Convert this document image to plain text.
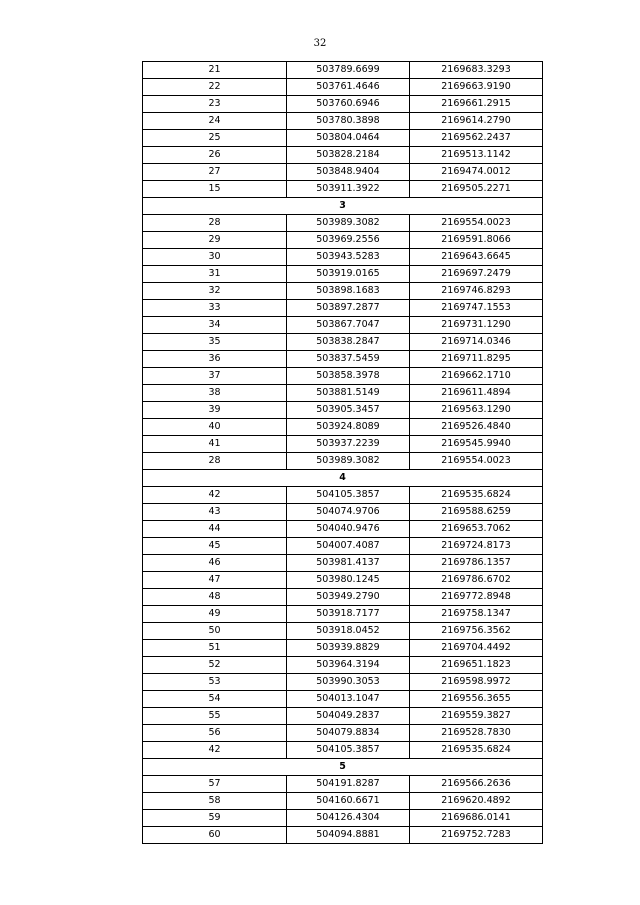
32
21	503789.6699	2169683.3293
22	503761.4646	2169663.9190
23	503760.6946	2169661.2915
24	503780.3898	2169614.2790
25	503804.0464	2169562.2437
26	503828.2184	2169513.1142
27	503848.9404	2169474.0012
15	503911.3922	2169505.2271
3		
28	503989.3082	2169554.0023
29	503969.2556	2169591.8066
30	503943.5283	2169643.6645
31	503919.0165	2169697.2479
32	503898.1683	2169746.8293
33	503897.2877	2169747.1553
34	503867.7047	2169731.1290
35	503838.2847	2169714.0346
36	503837.5459	2169711.8295
37	503858.3978	2169662.1710
38	503881.5149	2169611.4894
39	503905.3457	2169563.1290
40	503924.8089	2169526.4840
41	503937.2239	2169545.9940
28	503989.3082	2169554.0023
4		
42	504105.3857	2169535.6824
43	504074.9706	2169588.6259
44	504040.9476	2169653.7062
45	504007.4087	2169724.8173
46	503981.4137	2169786.1357
47	503980.1245	2169786.6702
48	503949.2790	2169772.8948
49	503918.7177	2169758.1347
50	503918.0452	2169756.3562
51	503939.8829	2169704.4492
52	503964.3194	2169651.1823
53	503990.3053	2169598.9972
54	504013.1047	2169556.3655
55	504049.2837	2169559.3827
56	504079.8834	2169528.7830
42	504105.3857	2169535.6824
5		
57	504191.8287	2169566.2636
58	504160.6671	2169620.4892
59	504126.4304	2169686.0141
60	504094.8881	2169752.7283
